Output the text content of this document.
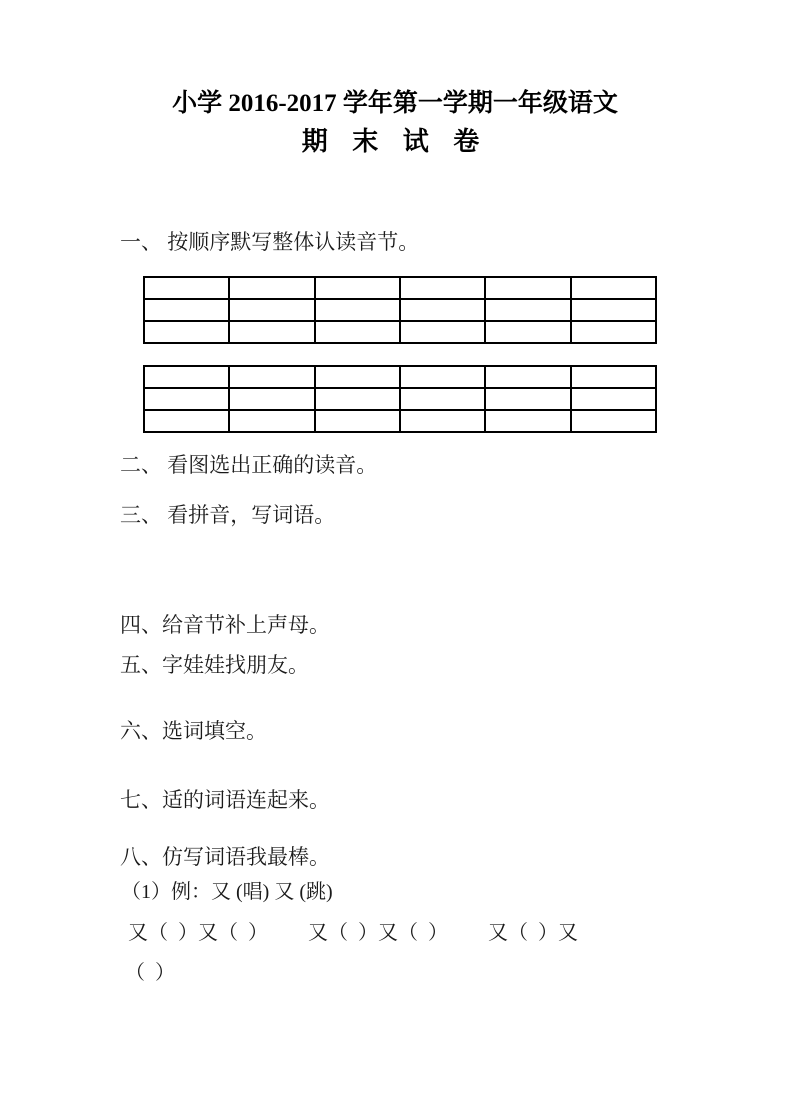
小学 2016-2017 学年第一学期一年级语文
期 末 试 卷
一、 按顺序默写整体认读音节。

二、 看图选出正确的读音。
三、 看拼音，写词语。
四、给音节补上声母。
五、字娃娃找朋友。
六、选词填空。
七、适的词语连起来。
八、仿写词语我最棒。
（1）例：又 (唱) 又 (跳)
又（  ）又（  ）        又（  ）又（  ）        又（  ）又
（  ）
